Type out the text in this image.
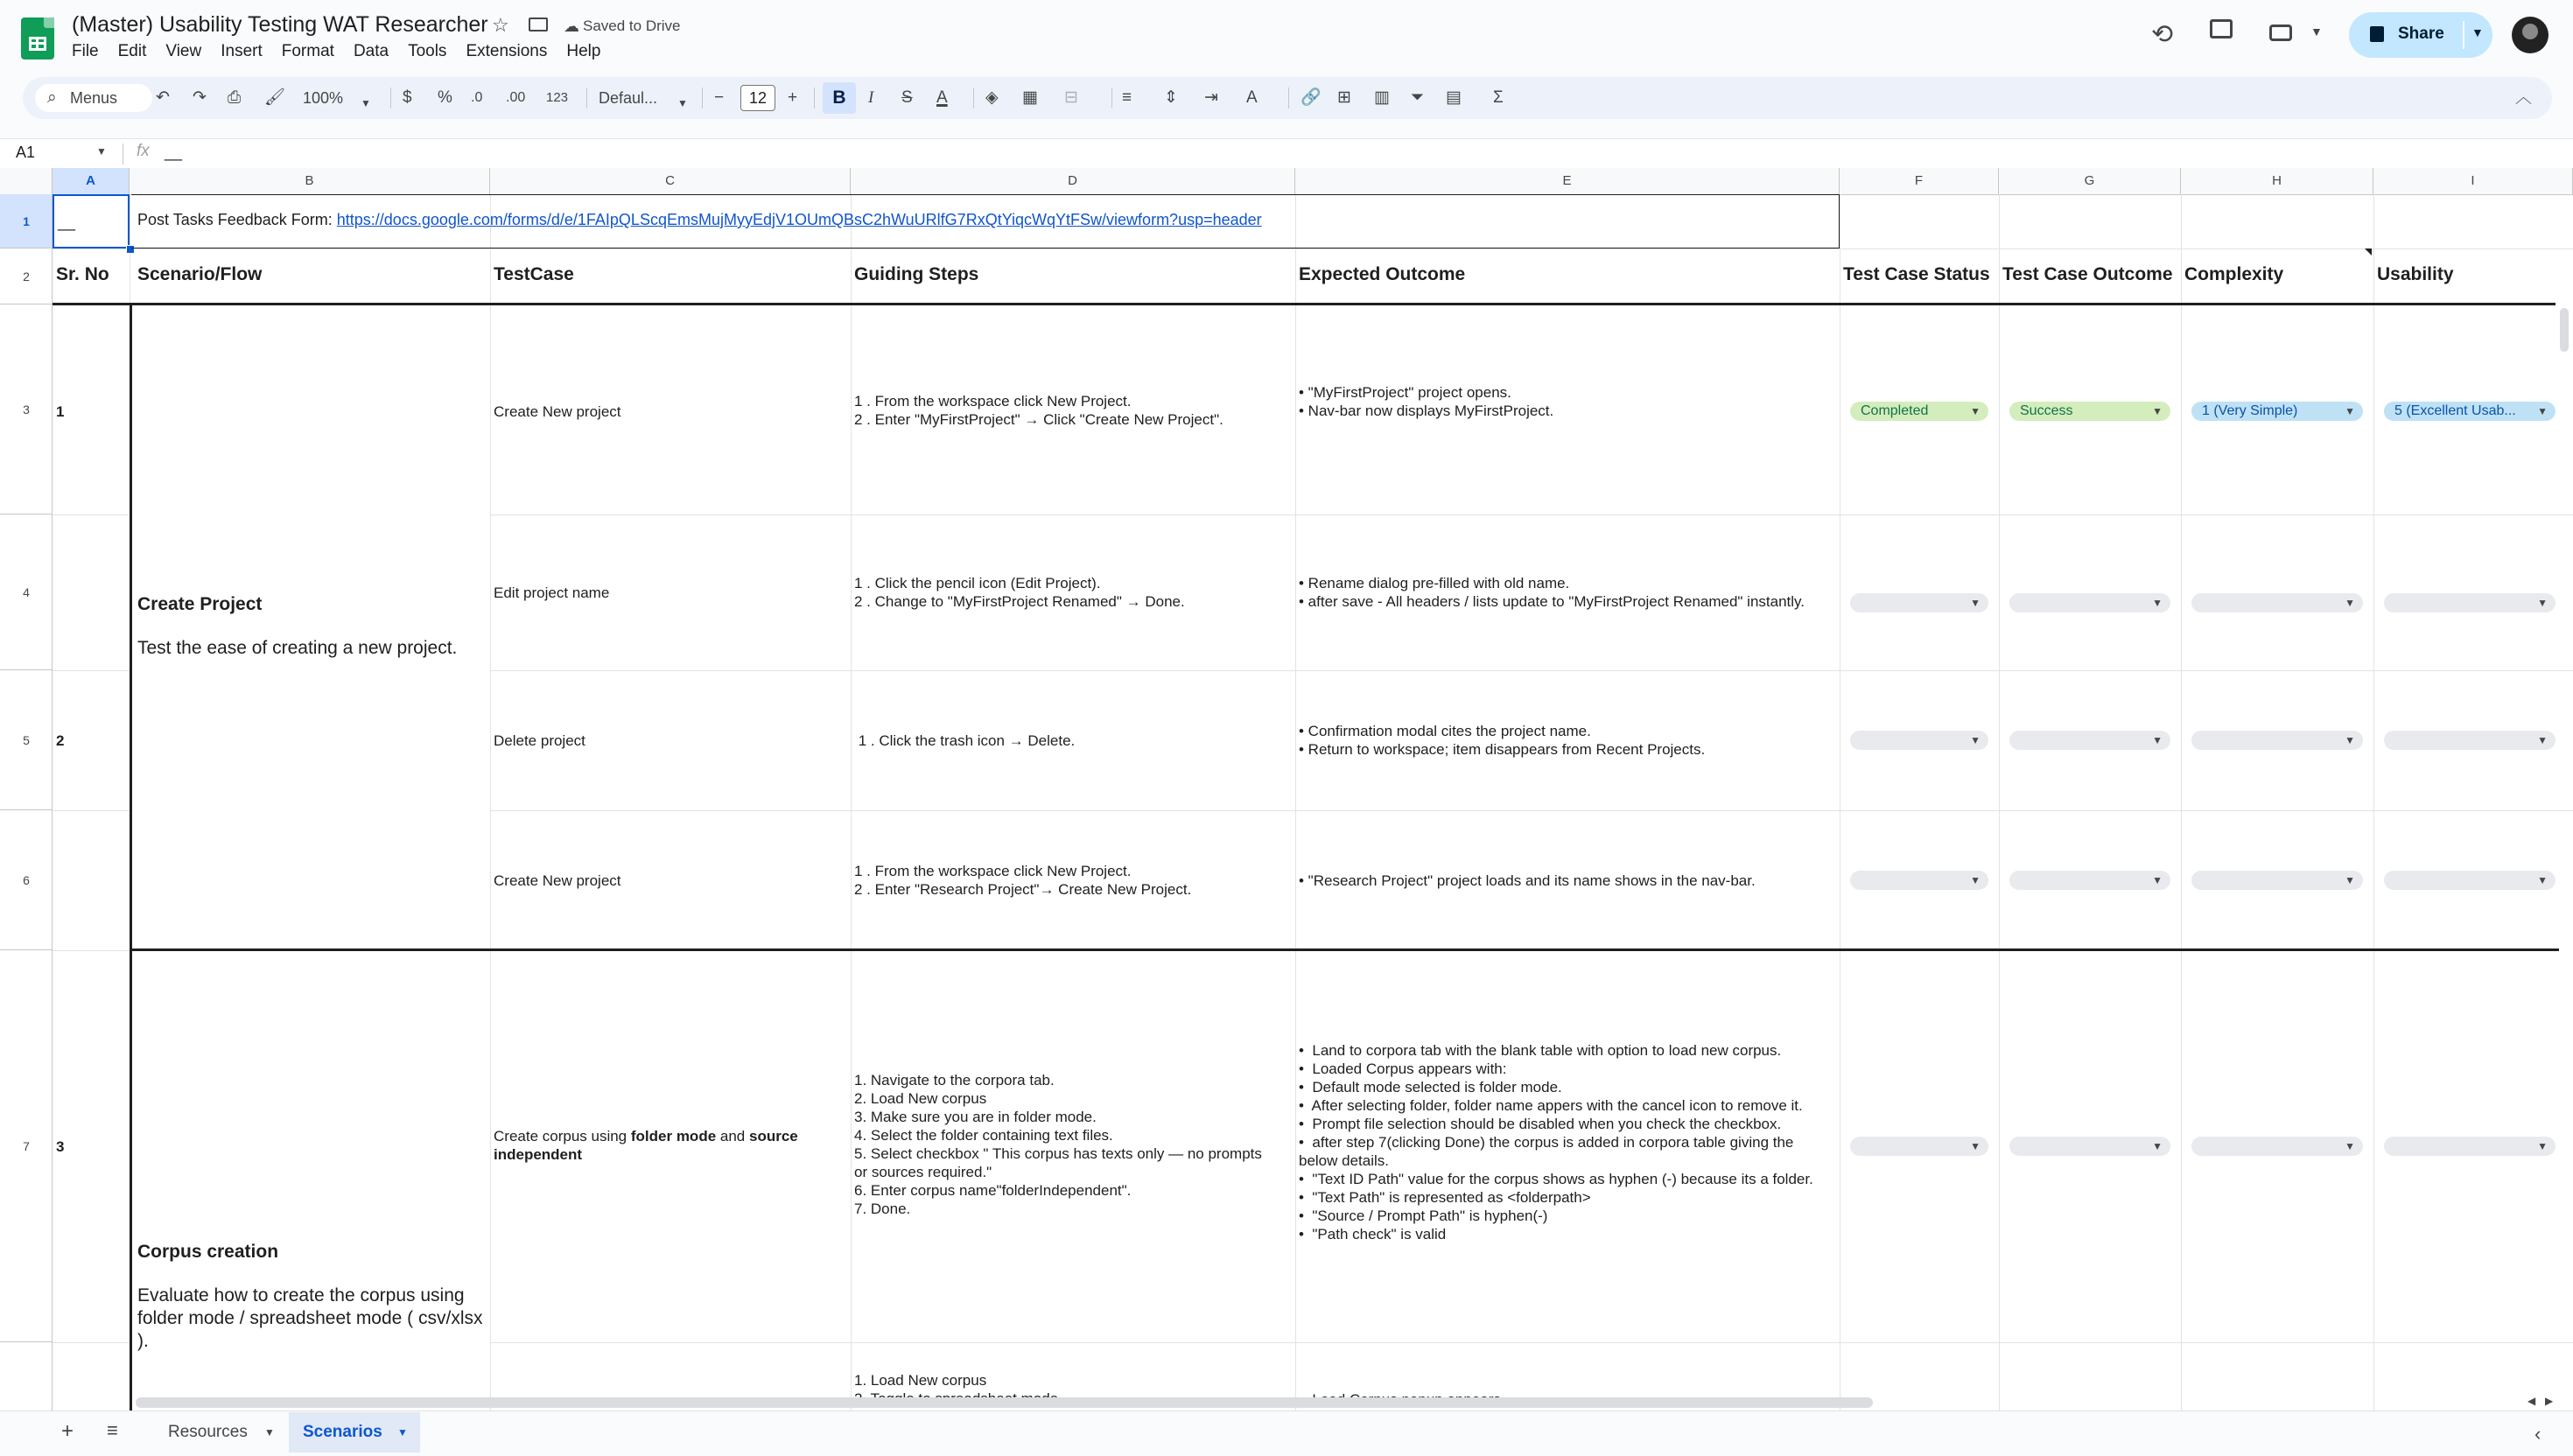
(Master) Usability Testing WAT Researcher ☆	☁ Saved to Drive
File Edit View Insert Format Data Tools Extensions Help
⟲	▼	Share ▼
⌕ Menus ↶ ↷ ⎙ 🖌 100% ▼ $ % .0 .00 123 Defaul... ▼ −	12	+	B	I S A ◈ ▦ ⊟	≡ ⇕ ⇥ A	🔗 ⊞ ▥ ⏷ ▤ Σ	︿
A1	▼ fx __
A	B	C	D	E	F	G	H	I
1
2
3
4
5
6
7
__	Post Tasks Feedback Form: https://docs.google.com/forms/d/e/1FAIpQLScqEmsMujMyyEdjV1OUmQBsC2hWuURlfG7RxQtYiqcWqYtFSw/viewform?usp=header
Sr. No Scenario/Flow	TestCase	Guiding Steps	Expected Outcome	Test Case Status Test Case Outcome Complexity	Usability
Create Project
Test the ease of creating a new project.
1	Create New project
1 . From the workspace click New Project.
2 . Enter "MyFirstProject" → Click "Create New Project".
• "MyFirstProject" project opens.
• Nav-bar now displays MyFirstProject.	Completed	▼	Success	▼	1 (Very Simple)	▼	5 (Excellent Usab... ▼
Edit project name
1 . Click the pencil icon (Edit Project).
2 . Change to "MyFirstProject Renamed" → Done.
• Rename dialog pre-filled with old name.
• after save - All headers / lists update to "MyFirstProject Renamed" instantly.
2	Delete project	1 . Click the trash icon → Delete.
• Confirmation modal cites the project name.
• Return to workspace; item disappears from Recent Projects.
Create New project
1 . From the workspace click New Project.
2 . Enter "Research Project"→ Create New Project.
• "Research Project" project loads and its name shows in the nav-bar.
▼	▼	▼	▼
▼	▼	▼	▼
▼	▼	▼	▼
3
Create corpus using folder mode and source independent
1. Navigate to the corpora tab.
2. Load New corpus
3. Make sure you are in folder mode.
4. Select the folder containing text files.
5. Select checkbox " This corpus has texts only — no prompts
or sources required."
6. Enter corpus name"folderIndependent".
7. Done.
•  Land to corpora tab with the blank table with option to load new corpus.
•  Loaded Corpus appears with:
•  Default mode selected is folder mode.
•  After selecting folder, folder name appers with the cancel icon to remove it.
•  Prompt file selection should be disabled when you check the checkbox.
•  after step 7(clicking Done) the corpus is added in corpora table giving the
below details.
•  "Text ID Path" value for the corpus shows as hyphen (-) because its a folder.
•  "Text Path" is represented as <folderpath>
•  "Source / Prompt Path" is hyphen(-)
•  "Path check" is valid
▼	▼	▼	▼
Corpus creation
Evaluate how to create the corpus using folder mode / spreadsheet mode ( csv/xlsx ).
1. Load New corpus

◀ ▶
+ ≡	Resources ▼ Scenarios ▼	‹
